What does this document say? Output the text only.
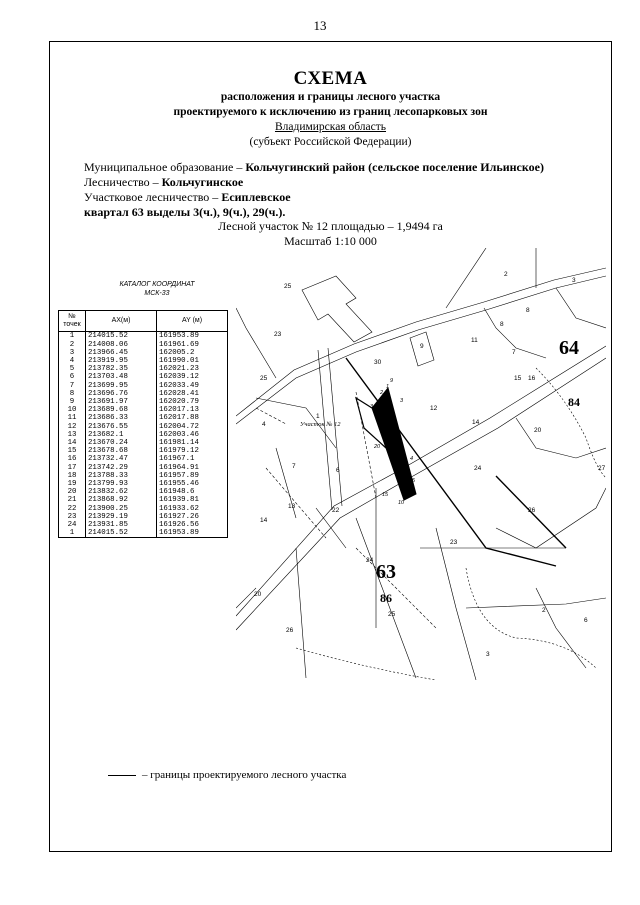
13
СХЕМА
расположения и границы лесного участка
проектируемого к исключению из границ лесопарковых зон
Владимирская область
(субъект Российской Федерации)
Муниципальное образование – Кольчугинский район (сельское поселение Ильинское)
Лесничество – Кольчугинское
Участковое лесничество – Есиплевское
квартал 63 выделы 3(ч.), 9(ч.), 29(ч.).
Лесной участок № 12 площадью – 1,9494 га
Масштаб 1:10 000
КАТАЛОГ КООРДИНАТ
МСК-33
№
точек	AX(м)	AY (м)
1	214015.52	161953.89
2	214008.06	161961.69
3	213966.45	162005.2
4	213919.95	161990.01
5	213782.35	162021.23
6	213703.48	162039.12
7	213699.95	162033.49
8	213696.76	162028.41
9	213691.97	162020.79
10	213689.68	162017.13
11	213686.33	162017.88
12	213676.55	162004.72
13	213682.1	162003.46
14	213670.24	161981.14
15	213678.68	161979.12
16	213732.47	161967.1
17	213742.29	161964.91
18	213788.33	161957.89
19	213799.93	161955.46
20	213832.62	161948.6
21	213868.92	161939.81
22	213900.25	161933.62
23	213929.19	161927.26
24	213931.85	161926.56
1	214015.52	161953.89
64
63
84
86
Участок № 12
25
23
25
30
9
11
7
8
2
3
16
12
14
20
1
7
6
13
14
22
27
24
26
23
24
25
20
26
2
6
3
4
8
15
1
2
3
4
5
10
15
20
3
9
– границы проектируемого лесного участка
